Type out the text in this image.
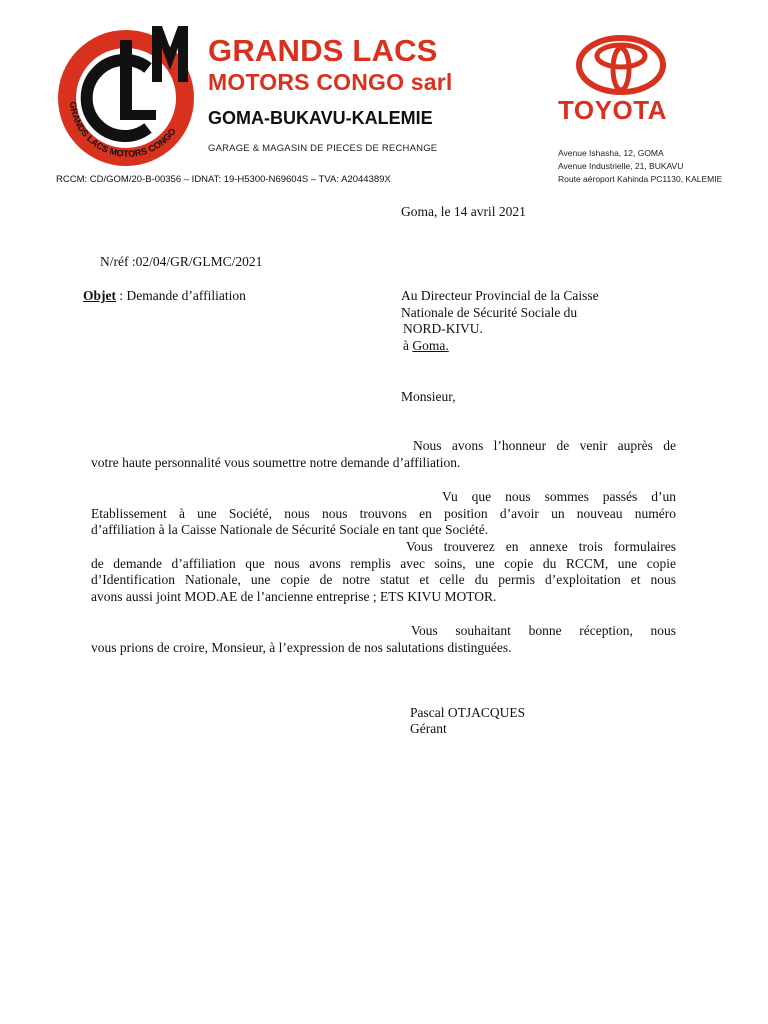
GRANDS LACS MOTORS CONGO
CLM
GRANDS LACS
MOTORS CONGO sarl
GOMA-BUKAVU-KALEMIE
GARAGE & MAGASIN DE PIECES DE RECHANGE
RCCM: CD/GOM/20-B-00356 – IDNAT: 19-H5300-N69604S – TVA: A2044389X
TOYOTA
Avenue Ishasha, 12, GOMA
Avenue Industrielle, 21, BUKAVU
Route aéroport Kahinda PC1130, KALEMIE
Goma, le 14 avril 2021
N/réf :02/04/GR/GLMC/2021
Objet : Demande d’affiliation	Au Directeur Provincial de la Caisse
Nationale de Sécurité Sociale du
NORD-KIVU.
à Goma.
Monsieur,
Nous avons l’honneur de venir auprès de
votre haute personnalité vous soumettre notre demande d’affiliation.
Vu que nous sommes passés d’un
Etablissement à une Société, nous nous trouvons en position d’avoir un nouveau numéro
d’affiliation à la Caisse Nationale de Sécurité Sociale en tant que Société.
Vous trouverez en annexe trois formulaires
de demande d’affiliation que nous avons remplis avec soins, une copie du RCCM, une copie
d’Identification Nationale, une copie de notre statut et celle du permis d’exploitation et nous
avons aussi joint MOD.AE de l’ancienne entreprise ; ETS KIVU MOTOR.
Vous souhaitant bonne réception, nous
vous prions de croire, Monsieur, à l’expression de nos salutations distinguées.
Pascal OTJACQUES
Gérant
